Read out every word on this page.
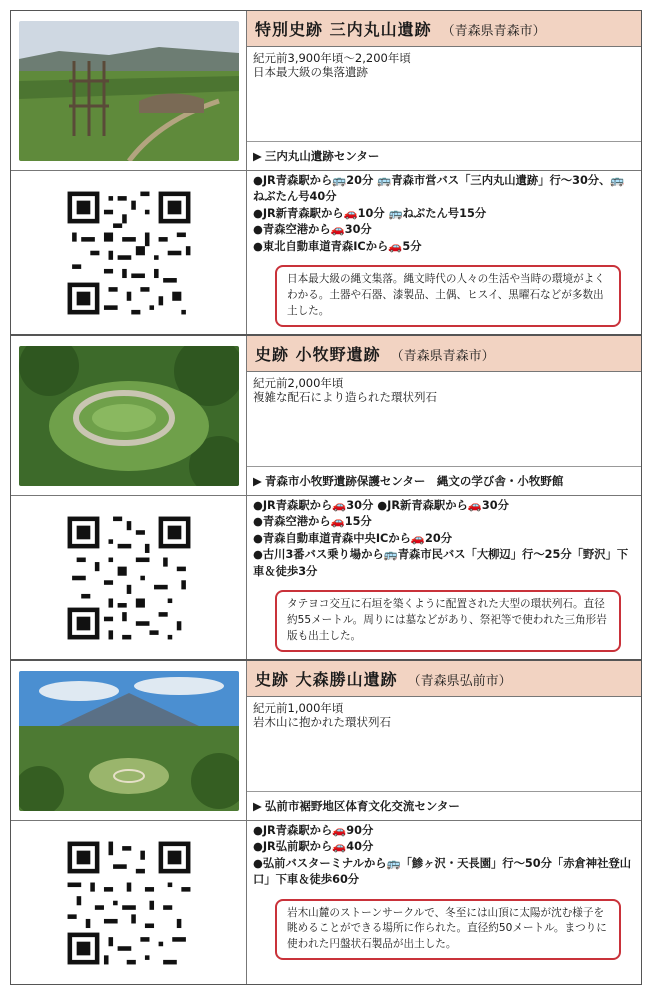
特別史跡 三内丸山遺跡 （青森県青森市）
紀元前3,900年頃～2,200年頃
日本最大級の集落遺跡
▶ 三内丸山遺跡センター
●JR青森駅から🚌20分 🚌青森市営バス「三内丸山遺跡」行～30分、🚌ねぶたん号40分
●JR新青森駅から🚗10分 🚌ねぶたん号15分
●青森空港から🚗30分
●東北自動車道青森ICから🚗5分
日本最大級の縄文集落。縄文時代の人々の生活や当時の環境がよくわかる。土器や石器、漆製品、土偶、ヒスイ、黒曜石などが多数出土した。
史跡 小牧野遺跡 （青森県青森市）
紀元前2,000年頃
複雑な配石により造られた環状列石
▶ 青森市小牧野遺跡保護センター　縄文の学び舎・小牧野館
●JR青森駅から🚗30分 ●JR新青森駅から🚗30分
●青森空港から🚗15分
●青森自動車道青森中央ICから🚗20分
●古川3番バス乗り場から🚌青森市民バス「大柳辺」行～25分「野沢」下車＆徒歩3分
タテヨコ交互に石垣を築くように配置された大型の環状列石。直径約55メートル。周りには墓などがあり、祭祀等で使われた三角形岩版も出土した。
史跡 大森勝山遺跡 （青森県弘前市）
紀元前1,000年頃
岩木山に抱かれた環状列石
▶ 弘前市裾野地区体育文化交流センター
●JR青森駅から🚗90分
●JR弘前駅から🚗40分
●弘前バスターミナルから🚌「鯵ヶ沢・天長園」行～50分「赤倉神社登山口」下車＆徒歩60分
岩木山麓のストーンサークルで、冬至には山頂に太陽が沈む様子を眺めることができる場所に作られた。直径約50メートル。まつりに使われた円盤状石製品が出土した。
